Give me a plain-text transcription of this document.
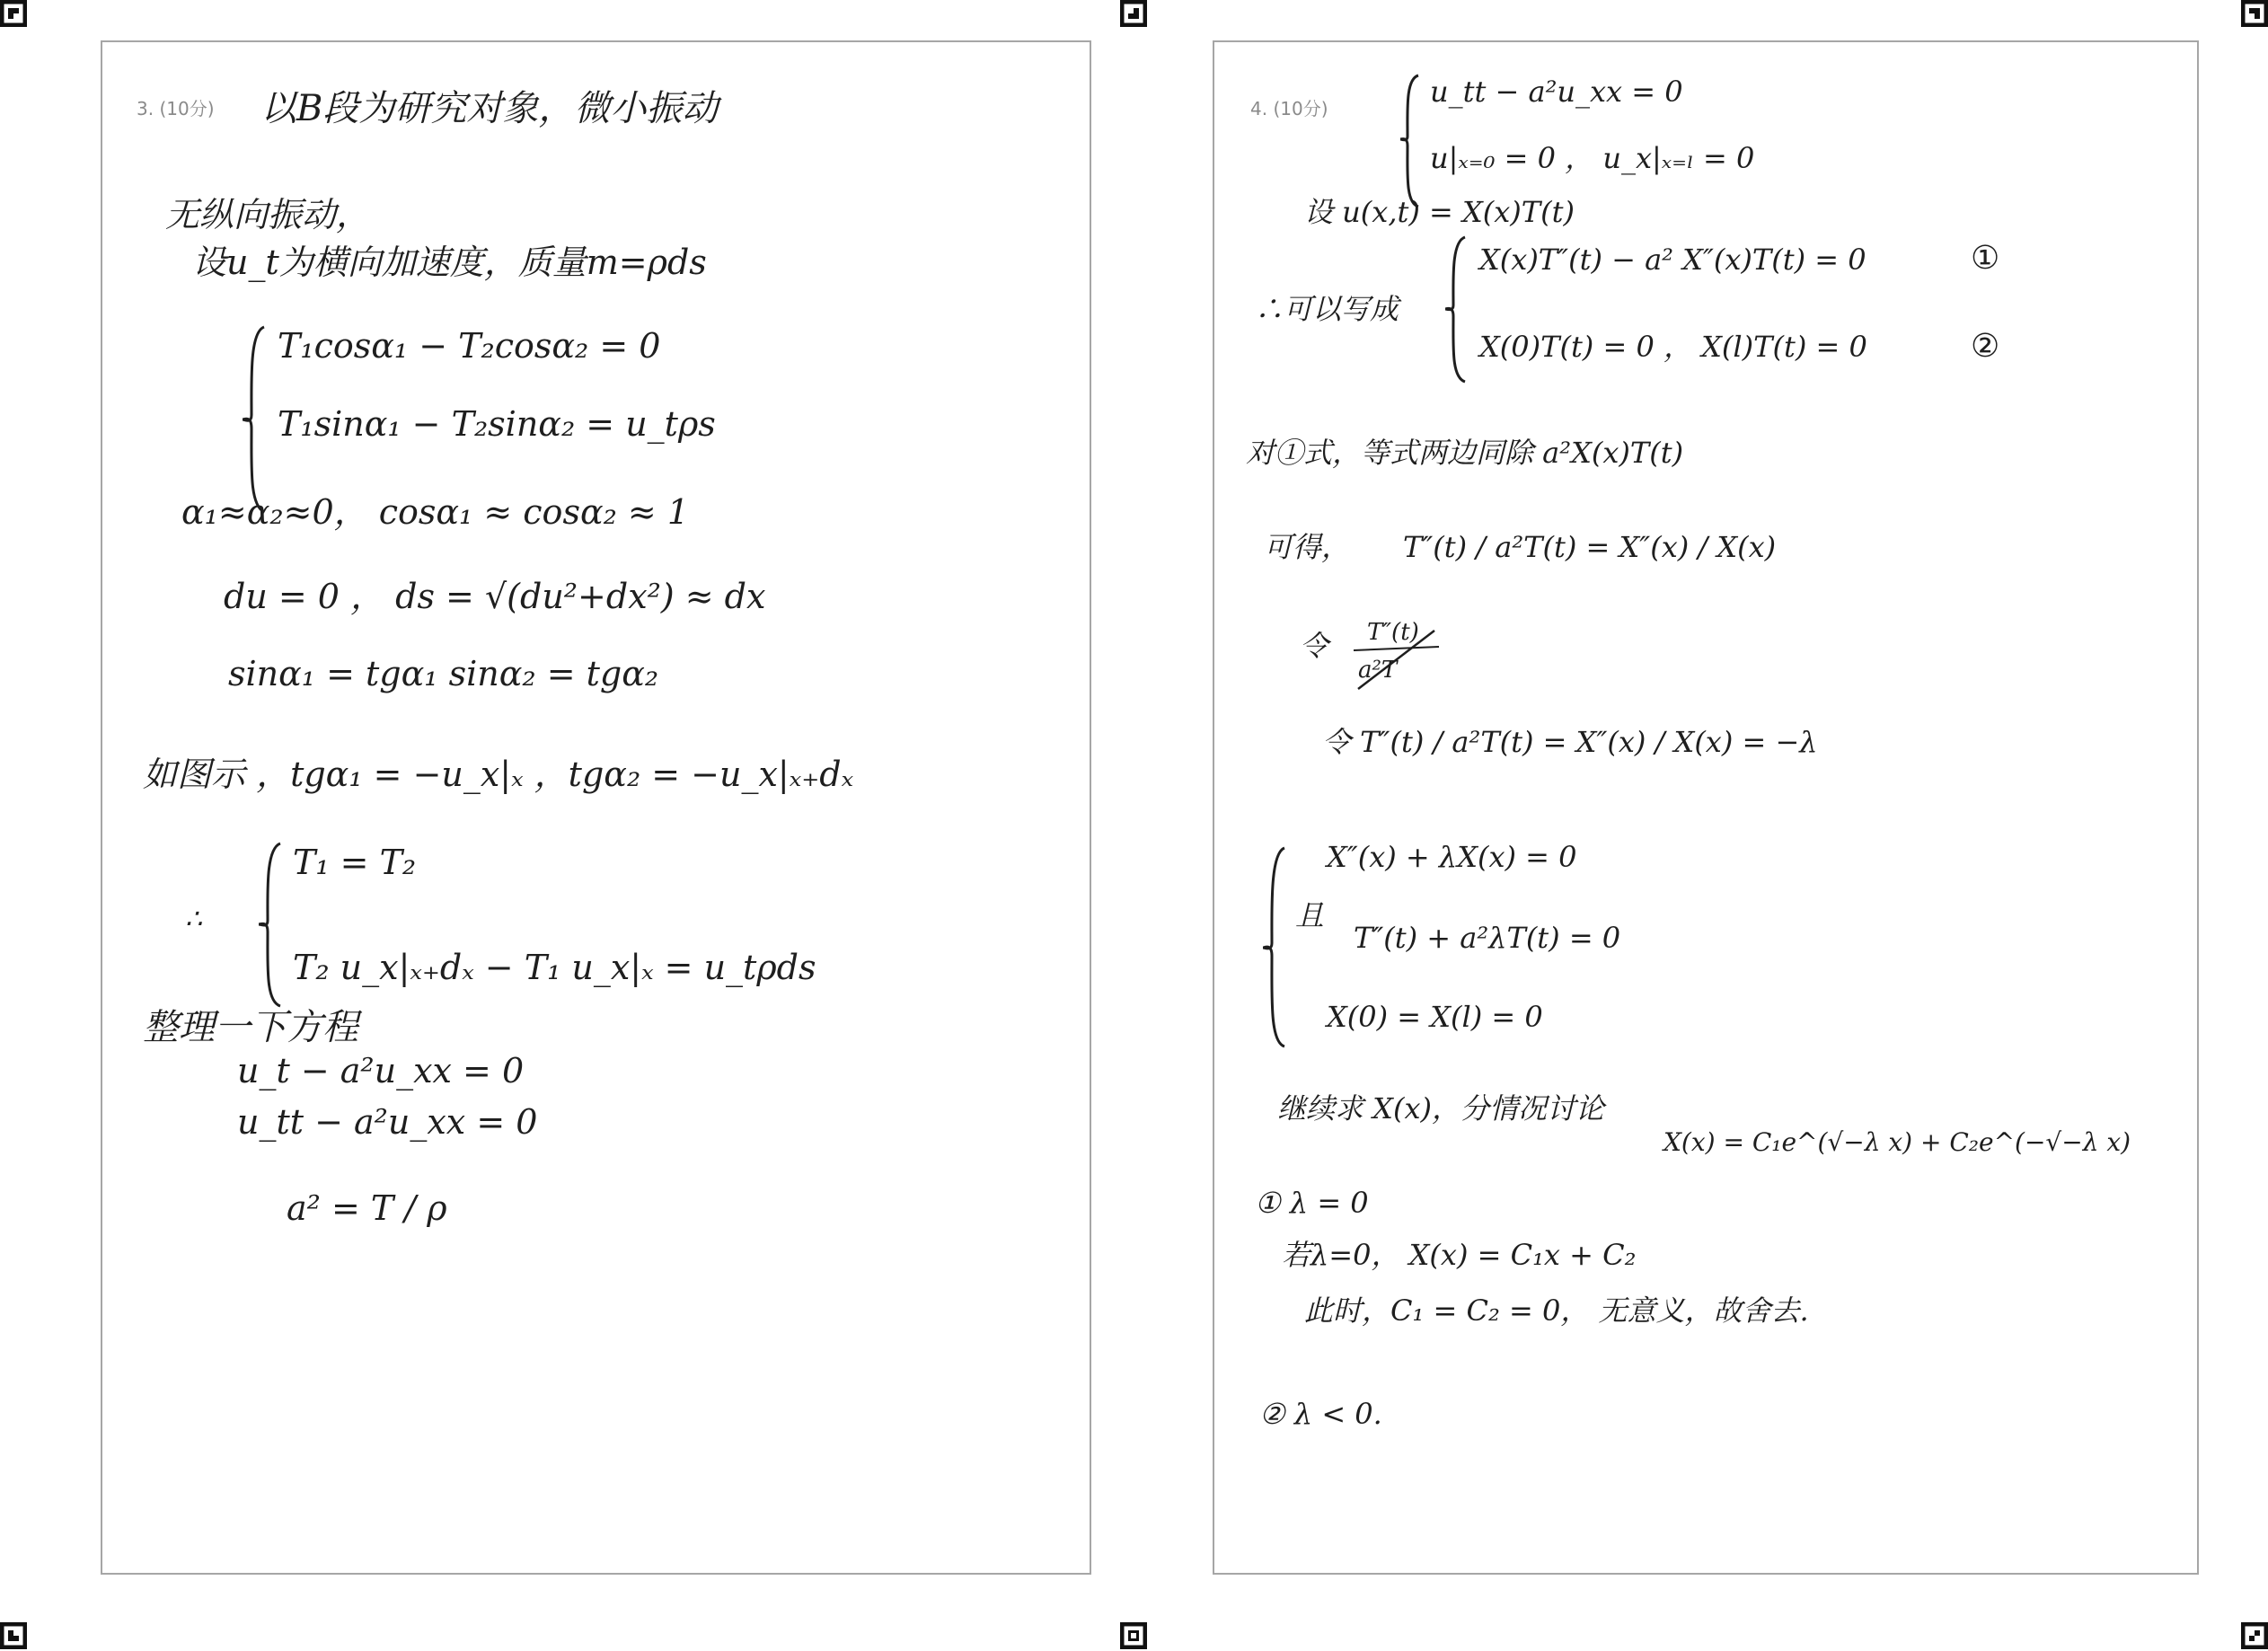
3. (10分) 以B段为研究对象，微小振动
无纵向振动，
设u_t为横向加速度，质量m=ρds
T₁cosα₁ − T₂cosα₂ = 0
T₁sinα₁ − T₂sinα₂ = u_tρs
α₁≈α₂≈0， cosα₁ ≈ cosα₂ ≈ 1
du = 0 ， ds = √(du²+dx²) ≈ dx
sinα₁ = tgα₁ sinα₂ = tgα₂
如图示 ，tgα₁ = −u_x|ₓ ，tgα₂ = −u_x|ₓ₊dₓ
T₁ = T₂
∴
T₂ u_x|ₓ₊dₓ − T₁ u_x|ₓ = u_tρds
整理一下方程
u_t − a²u_xx = 0
u_tt − a²u_xx = 0
a² = T / ρ
4. (10分)	u_tt − a²u_xx = 0
u|ₓ₌₀ = 0 ， u_x|ₓ₌ₗ = 0
设 u(x,t) = X(x)T(t)
∴可以写成
X(x)T″(t) − a² X″(x)T(t) = 0
X(0)T(t) = 0 ， X(l)T(t) = 0
①
②
对①式，等式两边同除 a²X(x)T(t)
可得， T″(t) / a²T(t) = X″(x) / X(x)
令 T″(t)
a²T
令 T″(t) / a²T(t) = X″(x) / X(x) = −λ
X″(x) + λX(x) = 0
且
T″(t) + a²λT(t) = 0
X(0) = X(l) = 0
继续求 X(x)，分情况讨论
X(x) = C₁e^(√−λ x) + C₂e^(−√−λ x)
① λ = 0
若λ=0， X(x) = C₁x + C₂
此时，C₁ = C₂ = 0， 无意义，故舍去.
② λ < 0.
